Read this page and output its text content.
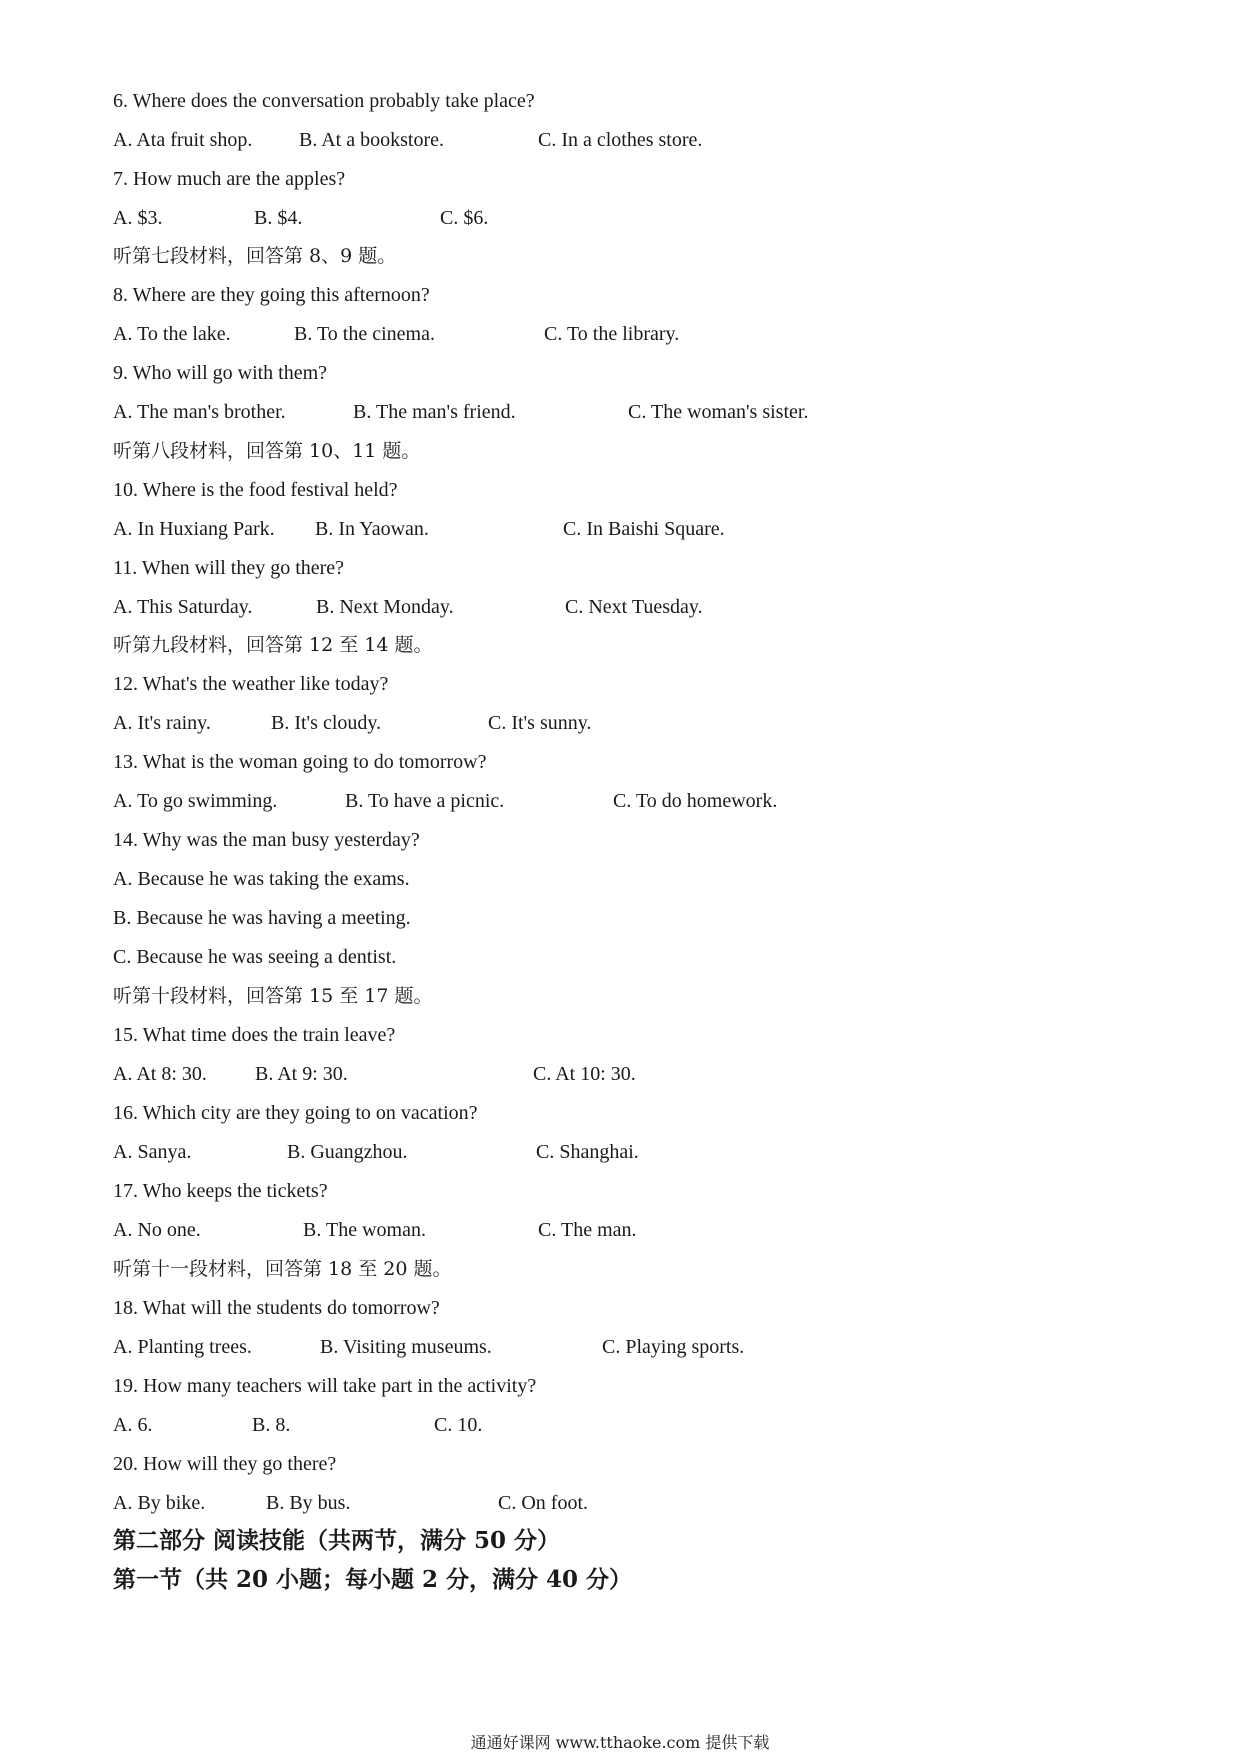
6. Where does the conversation probably take place?
A. Ata fruit shop. B. At a bookstore.	C. In a clothes store.
7. How much are the apples?
A. $3.	B. $4.	C. $6.
听第七段材料，回答第 8、9 题。
8. Where are they going this afternoon?
A. To the lake.	B. To the cinema.	C. To the library.
9. Who will go with them?
A. The man's brother.	B. The man's friend.	C. The woman's sister.
听第八段材料，回答第 10、11 题。
10. Where is the food festival held?
A. In Huxiang Park. B. In Yaowan.	C. In Baishi Square.
11. When will they go there?
A. This Saturday.	B. Next Monday.	C. Next Tuesday.
听第九段材料，回答第 12 至 14 题。
12. What's the weather like today?
A. It's rainy.	B. It's cloudy.	C. It's sunny.
13. What is the woman going to do tomorrow?
A. To go swimming.	B. To have a picnic.	C. To do homework.
14. Why was the man busy yesterday?
A. Because he was taking the exams.
B. Because he was having a meeting.
C. Because he was seeing a dentist.
听第十段材料，回答第 15 至 17 题。
15. What time does the train leave?
A. At 8: 30. B. At 9: 30.	C. At 10: 30.
16. Which city are they going to on vacation?
A. Sanya.	B. Guangzhou.	C. Shanghai.
17. Who keeps the tickets?
A. No one.	B. The woman.	C. The man.
听第十一段材料，回答第 18 至 20 题。
18. What will the students do tomorrow?
A. Planting trees.	B. Visiting museums.	C. Playing sports.
19. How many teachers will take part in the activity?
A. 6.	B. 8.	C. 10.
20. How will they go there?
A. By bike.	B. By bus.	C. On foot.
第二部分 阅读技能（共两节，满分 50 分）
第一节（共 20 小题；每小题 2 分，满分 40 分）
通通好课网 www.tthaoke.com 提供下载
